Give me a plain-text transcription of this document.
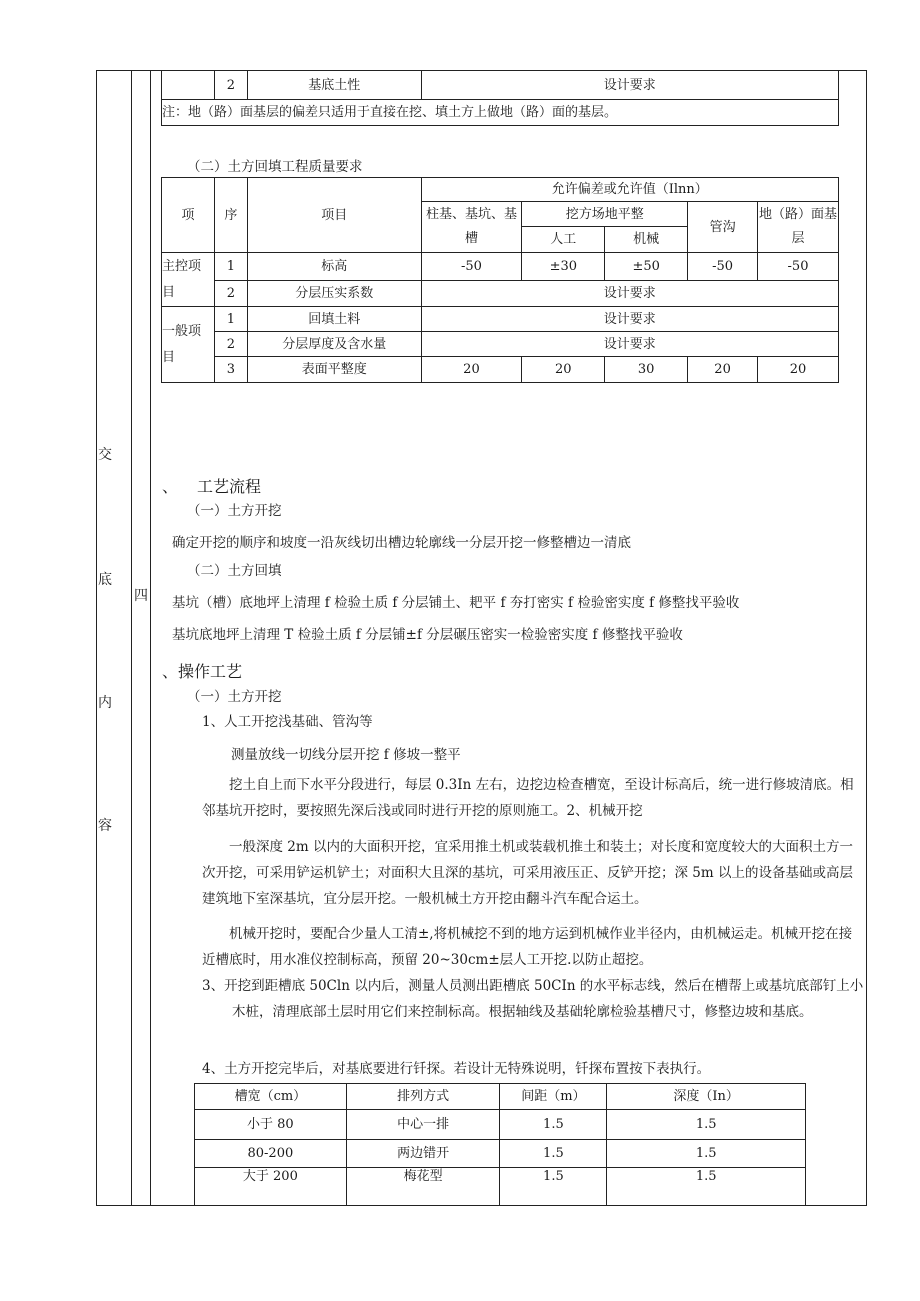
交
底
内
容
四
	2	基底土性	设计要求
注：地（路）面基层的偏差只适用于直接在挖、填土方上做地（路）面的基层。
（二）土方回填工程质量要求
项	序	项目	允许偏差或允许值（Ilnn）				
			柱基、基坑、基槽	挖方场地平整		管沟	地（路）面基层
				人工	机械		
主控项目	1	标高	-50	±30	±50	-50	-50
	2	分层压实系数	设计要求				
一般项目	1	回填土料	设计要求				
	2	分层厚度及含水量	设计要求				
	3	表面平整度	20	20	30	20	20
、 工艺流程
（一）土方开挖
确定开挖的顺序和坡度一沿灰线切出槽边轮廓线一分层开挖一修整槽边一清底
（二）土方回填
基坑（槽）底地坪上清理 f 检验土质 f 分层铺土、耙平 f 夯打密实 f 检验密实度 f 修整找平验收
基坑底地坪上清理 T 检验土质 f 分层铺±f 分层碾压密实一检验密实度 f 修整找平验收
、操作工艺
（一）土方开挖
1、人工开挖浅基础、管沟等
测量放线一切线分层开挖 f 修坡一整平
挖土自上而下水平分段进行，每层 0.3In 左右，边挖边检查槽宽，至设计标高后，统一进行修坡清底。相邻基坑开挖时，要按照先深后浅或同时进行开挖的原则施工。2、机械开挖
一般深度 2m 以内的大面积开挖，宜采用推土机或装载机推土和装土；对长度和宽度较大的大面积土方一次开挖，可采用铲运机铲土；对面积大且深的基坑，可采用液压正、反铲开挖；深 5m 以上的设备基础或高层建筑地下室深基坑，宜分层开挖。一般机械土方开挖由翻斗汽车配合运土。
机械开挖时，要配合少量人工清±,将机械挖不到的地方运到机械作业半径内，由机械运走。机械开挖在接近槽底时，用水准仪控制标高，预留 20~30cm±层人工开挖.以防止超挖。
3、开挖到距槽底 50Cln 以内后，测量人员测出距槽底 50CIn 的水平标志线，然后在槽帮上或基坑底部钉上小木桩，清理底部土层时用它们来控制标高。根据轴线及基础轮廓检验基槽尺寸，修整边坡和基底。
4、土方开挖完毕后，对基底要进行钎探。若设计无特殊说明，钎探布置按下表执行。
槽宽（cm）	排列方式	间距（m）	深度（In）
小于 80	中心一排	1.5	1.5
80-200	两边错开	1.5	1.5
大于 200	梅花型	1.5	1.5
